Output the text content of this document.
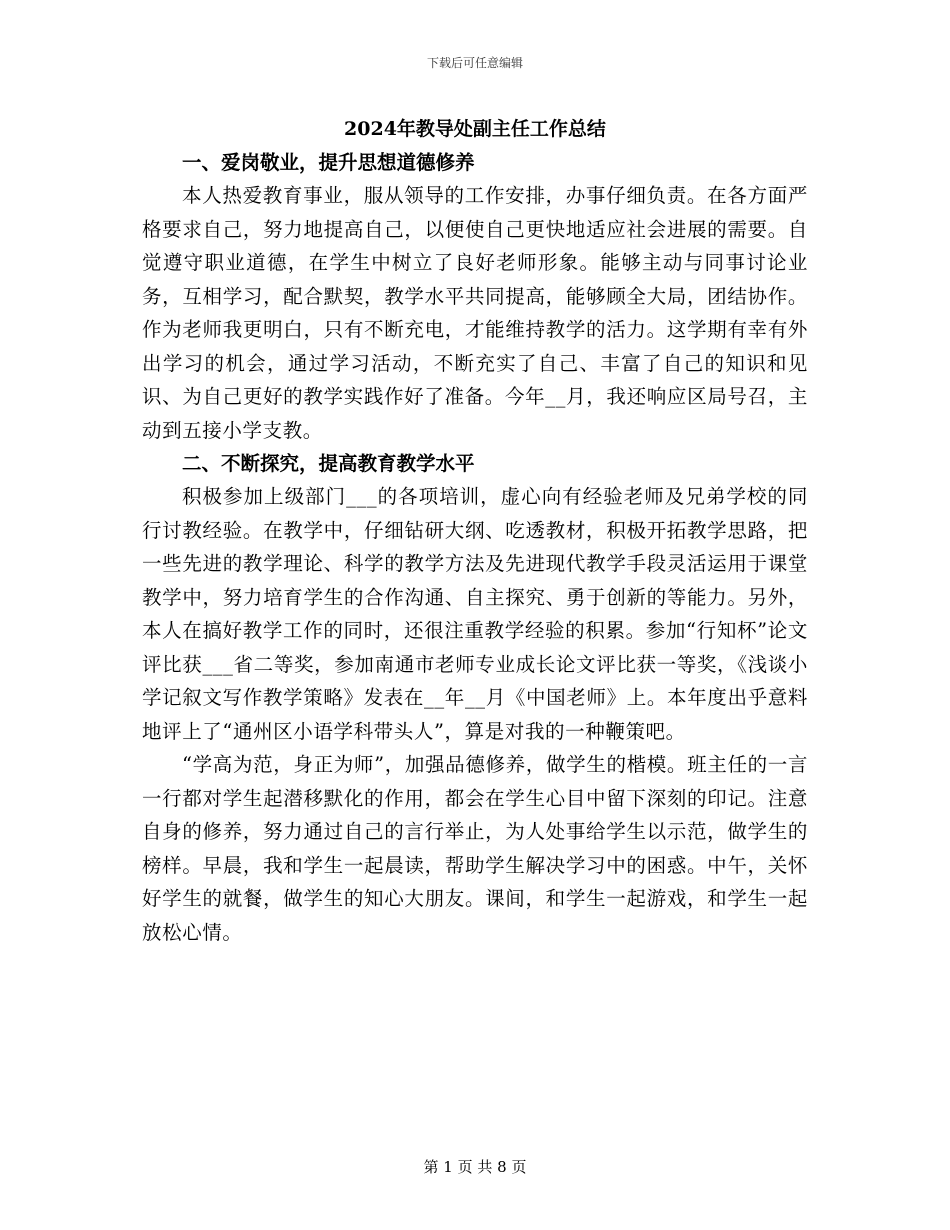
下载后可任意编辑
2024年教导处副主任工作总结

一、爱岗敬业，提升思想道德修养

本人热爱教育事业，服从领导的工作安排，办事仔细负责。在各方面严格要求自己，努力地提高自己，以便使自己更快地适应社会进展的需要。自觉遵守职业道德，在学生中树立了良好老师形象。能够主动与同事讨论业务，互相学习，配合默契，教学水平共同提高，能够顾全大局，团结协作。作为老师我更明白，只有不断充电，才能维持教学的活力。这学期有幸有外出学习的机会，通过学习活动，不断充实了自己、丰富了自己的知识和见识、为自己更好的教学实践作好了准备。今年__月，我还响应区局号召，主动到五接小学支教。

二、不断探究，提高教育教学水平

积极参加上级部门___的各项培训，虚心向有经验老师及兄弟学校的同行讨教经验。在教学中，仔细钻研大纲、吃透教材，积极开拓教学思路，把一些先进的教学理论、科学的教学方法及先进现代教学手段灵活运用于课堂教学中，努力培育学生的合作沟通、自主探究、勇于创新的等能力。另外，本人在搞好教学工作的同时，还很注重教学经验的积累。参加“行知杯”论文评比获___省二等奖，参加南通市老师专业成长论文评比获一等奖，《浅谈小学记叙文写作教学策略》发表在__年__月《中国老师》上。本年度出乎意料地评上了“通州区小语学科带头人”，算是对我的一种鞭策吧。

“学高为范，身正为师”，加强品德修养，做学生的楷模。班主任的一言一行都对学生起潜移默化的作用，都会在学生心目中留下深刻的印记。注意自身的修养，努力通过自己的言行举止，为人处事给学生以示范，做学生的榜样。早晨，我和学生一起晨读，帮助学生解决学习中的困惑。中午，关怀好学生的就餐，做学生的知心大朋友。课间，和学生一起游戏，和学生一起放松心情。

第 1 页 共 8 页
